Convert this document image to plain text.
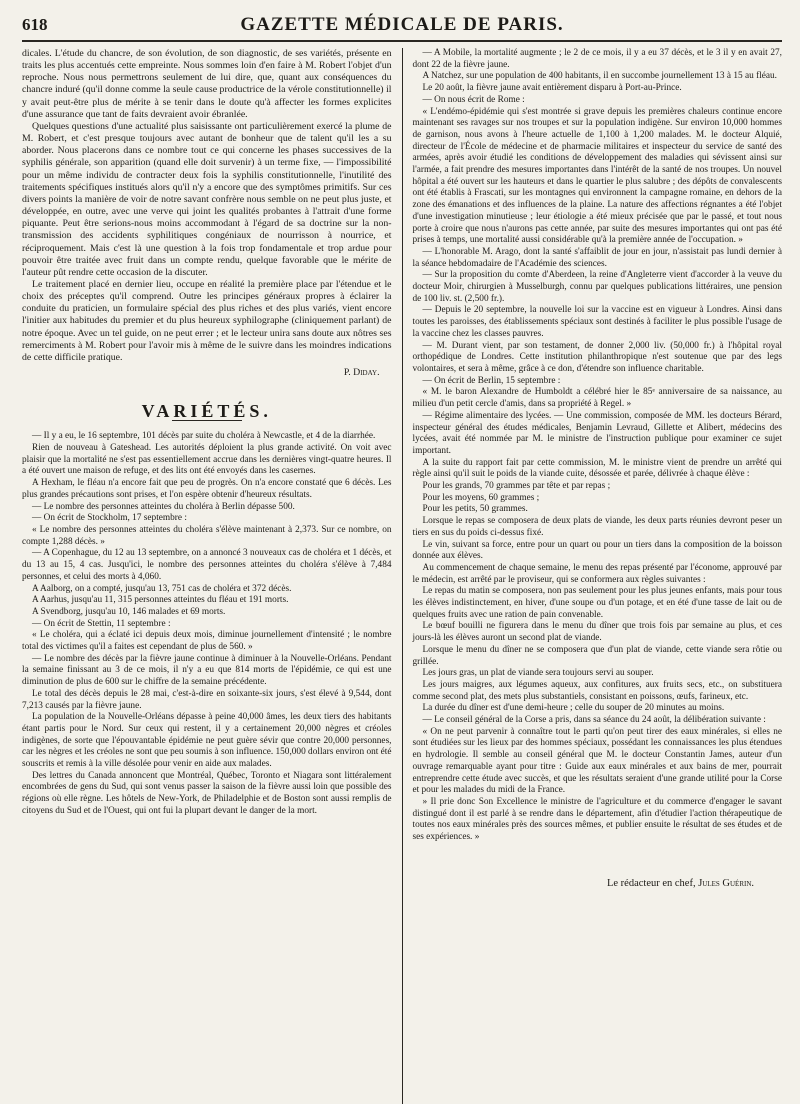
618	GAZETTE MÉDICALE DE PARIS.

dicales. L'étude du chancre, de son évolution, de son diagnostic, de ses variétés, présente en traits les plus accentués cette empreinte. Nous sommes loin d'en faire à M. Robert l'objet d'un reproche. Nous nous permettrons seulement de lui dire, que, quant aux conséquences du chancre induré (qu'il donne comme la seule cause productrice de la vérole constitutionnelle) il y avait peut-être plus de mérite à se tenir dans le doute qu'à affecter les formes explicites d'une assurance que tant de faits devraient avoir ébranlée.

Quelques questions d'une actualité plus saisissante ont particulièrement exercé la plume de M. Robert, et c'est presque toujours avec autant de bonheur que de talent qu'il les a su aborder. Nous placerons dans ce nombre tout ce qui concerne les phases successives de la syphilis générale, son apparition (quand elle doit survenir) à un terme fixe, — l'impossibilité pour un même individu de contracter deux fois la syphilis constitutionnelle, l'inutilité des traitements spécifiques institués alors qu'il n'y a encore que des symptômes primitifs. Sur ces divers points la manière de voir de notre savant confrère nous semble on ne peut plus juste, et développée, en outre, avec une verve qui joint les qualités probantes à l'attrait d'une forme piquante. Peut être serions-nous moins accommodant à l'égard de sa doctrine sur la non-transmission des accidents syphilitiques congéniaux de nourrisson à nourrice, et réciproquement. Mais c'est là une question à la fois trop fondamentale et trop ardue pour pouvoir être traitée avec fruit dans un compte rendu, quelque favorable que le mérite de l'auteur pût rendre cette occasion de la discuter.

Le traitement placé en dernier lieu, occupe en réalité la première place par l'étendue et le choix des préceptes qu'il comprend. Outre les principes généraux propres à éclairer la conduite du praticien, un formulaire spécial des plus riches et des plus variés, vient encore l'initier aux habitudes du premier et du plus heureux syphilographe (cliniquement parlant) de notre époque. Avec un tel guide, on ne peut errer ; et le lecteur unira sans doute aux nôtres ses remerciments à M. Robert pour l'avoir mis à même de le suivre dans les moindres indications de cette difficile pratique.

P. Diday.
VARIÉTÉS.

— Il y a eu, le 16 septembre, 101 décès par suite du choléra à Newcastle, et 4 de la diarrhée.

Rien de nouveau à Gateshead. Les autorités déploient la plus grande activité. On voit avec plaisir que la mortalité ne s'est pas essentiellement accrue dans les dernières vingt-quatre heures. Il a été ouvert une maison de refuge, et des lits ont été envoyés dans les casernes.

A Hexham, le fléau n'a encore fait que peu de progrès. On n'a encore constaté que 6 décès. Les plus grandes précautions sont prises, et l'on espère obtenir d'heureux résultats.

— Le nombre des personnes atteintes du choléra à Berlin dépasse 500.

— On écrit de Stockholm, 17 septembre :

« Le nombre des personnes atteintes du choléra s'élève maintenant à 2,373. Sur ce nombre, on compte 1,288 décès. »

— A Copenhague, du 12 au 13 septembre, on a annoncé 3 nouveaux cas de choléra et 1 décès, et du 13 au 15, 4 cas. Jusqu'ici, le nombre des personnes atteintes du choléra s'élève à 7,484 personnes, et celui des morts à 4,060.

A Aalborg, on a compté, jusqu'au 13, 751 cas de choléra et 372 décès.

A Aarhus, jusqu'au 11, 315 personnes atteintes du fléau et 191 morts.

A Svendborg, jusqu'au 10, 146 malades et 69 morts.

— On écrit de Stettin, 11 septembre :

« Le choléra, qui a éclaté ici depuis deux mois, diminue journellement d'intensité ; le nombre total des victimes qu'il a faites est cependant de plus de 560. »

— Le nombre des décès par la fièvre jaune continue à diminuer à la Nouvelle-Orléans. Pendant la semaine finissant au 3 de ce mois, il n'y a eu que 814 morts de l'épidémie, ce qui est une diminution de plus de 600 sur le chiffre de la semaine précédente.

Le total des décès depuis le 28 mai, c'est-à-dire en soixante-six jours, s'est élevé à 9,544, dont 7,213 causés par la fièvre jaune.

La population de la Nouvelle-Orléans dépasse à peine 40,000 âmes, les deux tiers des habitants étant partis pour le Nord. Sur ceux qui restent, il y a certainement 20,000 nègres et créoles indigènes, de sorte que l'épouvantable épidémie ne peut guère sévir que contre 20,000 personnes, car les nègres et les créoles ne sont que peu soumis à son influence. 150,000 dollars environ ont été souscrits et remis à la ville désolée pour venir en aide aux malades.

Des lettres du Canada annoncent que Montréal, Québec, Toronto et Niagara sont littéralement encombrées de gens du Sud, qui sont venus passer la saison de la fièvre aussi loin que possible des régions où elle règne. Les hôtels de New-York, de Philadelphie et de Boston sont aussi remplis de citoyens du Sud et de l'Ouest, qui ont fui la plupart devant le danger de la mort.

— A Mobile, la mortalité augmente ; le 2 de ce mois, il y a eu 37 décès, et le 3 il y en avait 27, dont 22 de la fièvre jaune.

A Natchez, sur une population de 400 habitants, il en succombe journellement 13 à 15 au fléau.

Le 20 août, la fièvre jaune avait entièrement disparu à Port-au-Prince.

— On nous écrit de Rome :

« L'endémo-épidémie qui s'est montrée si grave depuis les premières chaleurs continue encore maintenant ses ravages sur nos troupes et sur la population indigène. Sur environ 10,000 hommes de garnison, nous avons à l'heure actuelle de 1,100 à 1,200 malades. M. le docteur Alquié, directeur de l'École de médecine et de pharmacie militaires et inspecteur du service de santé des armées, après avoir étudié les conditions de développement des maladies qui sévissent ainsi sur l'armée, a fait prendre des mesures importantes dans l'intérêt de la santé de nos troupes. Un nouvel hôpital a été ouvert sur les hauteurs et dans le quartier le plus salubre ; des dépôts de convalescents ont été établis à Frascati, sur les montagnes qui environnent la campagne romaine, en dehors de la zone des émanations et des influences de la plaine. La nature des affections régnantes a été l'objet d'une investigation minutieuse ; leur étiologie a été mieux précisée que par le passé, et tout nous porte à croire que nous n'aurons pas cette année, par suite des mesures importantes qui ont pas été prises à temps, une mortalité aussi considérable qu'à la première année de l'occupation. »

— L'honorable M. Arago, dont la santé s'affaiblit de jour en jour, n'assistait pas lundi dernier à la séance hebdomadaire de l'Académie des sciences.

— Sur la proposition du comte d'Aberdeen, la reine d'Angleterre vient d'accorder à la veuve du docteur Moir, chirurgien à Musselburgh, connu par quelques publications littéraires, une pension de 100 liv. st. (2,500 fr.).

— Depuis le 20 septembre, la nouvelle loi sur la vaccine est en vigueur à Londres. Ainsi dans toutes les paroisses, des établissements spéciaux sont destinés à faciliter le plus possible l'usage de la vaccine chez les classes pauvres.

— M. Durant vient, par son testament, de donner 2,000 liv. (50,000 fr.) à l'hôpital royal orthopédique de Londres. Cette institution philanthropique n'est soutenue que par des legs volontaires, et sera à même, grâce à ce don, d'étendre son influence charitable.

— On écrit de Berlin, 15 septembre :

« M. le baron Alexandre de Humboldt a célébré hier le 85ᵉ anniversaire de sa naissance, au milieu d'un petit cercle d'amis, dans sa propriété à Regel. »

— Régime alimentaire des lycées. — Une commission, composée de MM. les docteurs Bérard, inspecteur général des études médicales, Benjamin Levraud, Gillette et Alibert, médecins des lycées, avait été nommée par M. le ministre de l'instruction publique pour examiner ce sujet important.

A la suite du rapport fait par cette commission, M. le ministre vient de prendre un arrêté qui règle ainsi qu'il suit le poids de la viande cuite, désossée et parée, délivrée à chaque élève :

Pour les grands, 70 grammes par tête et par repas ;

Pour les moyens, 60 grammes ;

Pour les petits, 50 grammes.

Lorsque le repas se composera de deux plats de viande, les deux parts réunies devront peser un tiers en sus du poids ci-dessus fixé.

Le vin, suivant sa force, entre pour un quart ou pour un tiers dans la composition de la boisson donnée aux élèves.

Au commencement de chaque semaine, le menu des repas présenté par l'économe, approuvé par le médecin, est arrêté par le proviseur, qui se conformera aux règles suivantes :

Le repas du matin se composera, non pas seulement pour les plus jeunes enfants, mais pour tous les élèves indistinctement, en hiver, d'une soupe ou d'un potage, et en été d'une tasse de lait ou de quelques fruits avec une ration de pain convenable.

Le bœuf bouilli ne figurera dans le menu du dîner que trois fois par semaine au plus, et ces jours-là les élèves auront un second plat de viande.

Lorsque le menu du dîner ne se composera que d'un plat de viande, cette viande sera rôtie ou grillée.

Les jours gras, un plat de viande sera toujours servi au souper.

Les jours maigres, aux légumes aqueux, aux confitures, aux fruits secs, etc., on substituera comme second plat, des mets plus substantiels, consistant en poissons, œufs, farineux, etc.

La durée du dîner est d'une demi-heure ; celle du souper de 20 minutes au moins.

— Le conseil général de la Corse a pris, dans sa séance du 24 août, la délibération suivante :

« On ne peut parvenir à connaître tout le parti qu'on peut tirer des eaux minérales, si elles ne sont étudiées sur les lieux par des hommes spéciaux, possédant les connaissances les plus étendues en hydrologie. Il semble au conseil général que M. le docteur Constantin James, auteur d'un ouvrage remarquable ayant pour titre : Guide aux eaux minérales et aux bains de mer, pourrait entreprendre cette étude avec succès, et que les résultats seraient d'une grande utilité pour la Corse et pour les malades du midi de la France.

» Il prie donc Son Excellence le ministre de l'agriculture et du commerce d'engager le savant distingué dont il est parlé à se rendre dans le département, afin d'étudier l'action thérapeutique de toutes nos eaux minérales près des sources mêmes, et publier ensuite le résultat de ses études et de ses expériences. »

Le rédacteur en chef, Jules Guérin.
